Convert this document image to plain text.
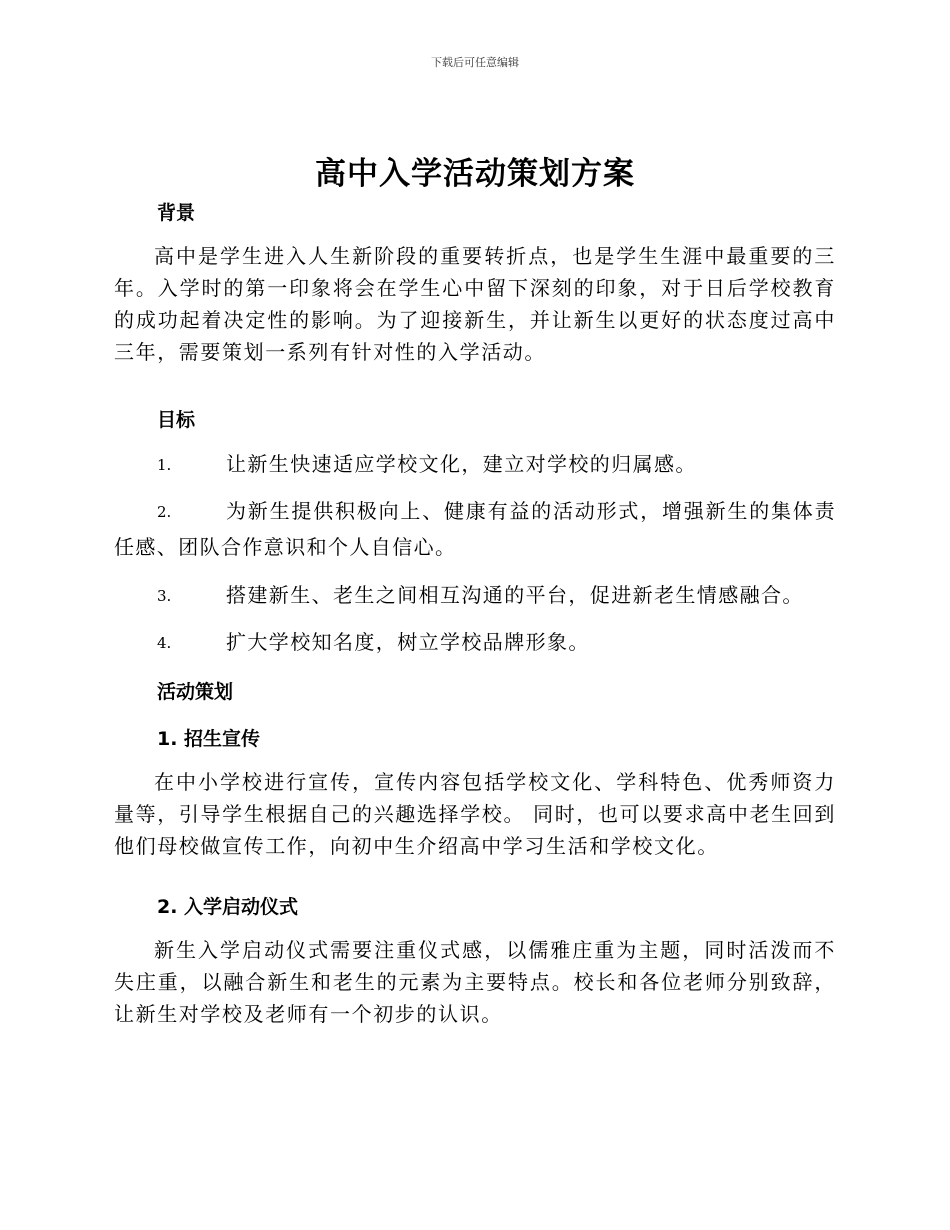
下载后可任意编辑
高中入学活动策划方案
背景
高中是学生进入人生新阶段的重要转折点，也是学生生涯中最重要的三年。入学时的第一印象将会在学生心中留下深刻的印象，对于日后学校教育的成功起着决定性的影响。为了迎接新生，并让新生以更好的状态度过高中三年，需要策划一系列有针对性的入学活动。
目标
1.	让新生快速适应学校文化，建立对学校的归属感。
2.	为新生提供积极向上、健康有益的活动形式，增强新生的集体责任感、团队合作意识和个人自信心。
3.	搭建新生、老生之间相互沟通的平台，促进新老生情感融合。
4.	扩大学校知名度，树立学校品牌形象。
活动策划
1. 招生宣传
在中小学校进行宣传，宣传内容包括学校文化、学科特色、优秀师资力量等，引导学生根据自己的兴趣选择学校。 同时，也可以要求高中老生回到他们母校做宣传工作，向初中生介绍高中学习生活和学校文化。
2. 入学启动仪式
新生入学启动仪式需要注重仪式感，以儒雅庄重为主题，同时活泼而不失庄重，以融合新生和老生的元素为主要特点。校长和各位老师分别致辞，让新生对学校及老师有一个初步的认识。
